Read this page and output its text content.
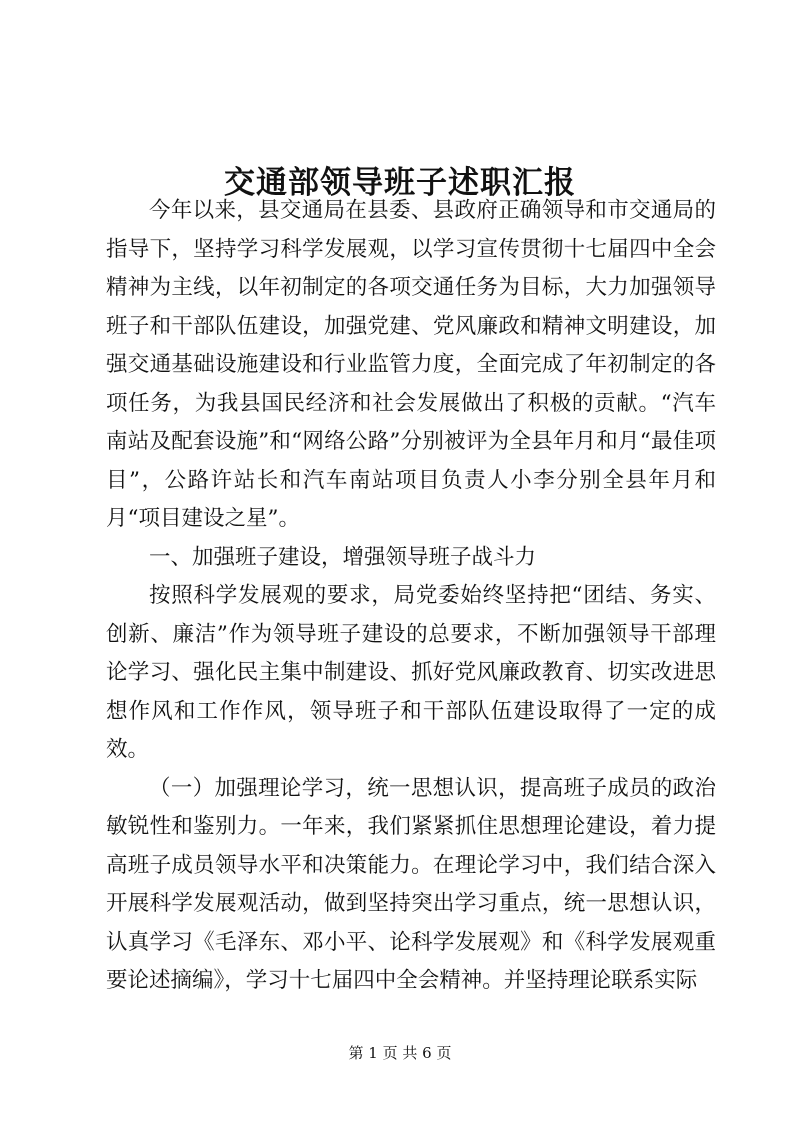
交通部领导班子述职汇报

今年以来，县交通局在县委、县政府正确领导和市交通局的指导下，坚持学习科学发展观，以学习宣传贯彻十七届四中全会精神为主线，以年初制定的各项交通任务为目标，大力加强领导班子和干部队伍建设，加强党建、党风廉政和精神文明建设，加强交通基础设施建设和行业监管力度，全面完成了年初制定的各项任务，为我县国民经济和社会发展做出了积极的贡献。“汽车南站及配套设施”和“网络公路”分别被评为全县年月和月“最佳项目”，公路许站长和汽车南站项目负责人小李分别全县年月和月“项目建设之星”。

一、加强班子建设，增强领导班子战斗力

按照科学发展观的要求，局党委始终坚持把“团结、务实、创新、廉洁”作为领导班子建设的总要求，不断加强领导干部理论学习、强化民主集中制建设、抓好党风廉政教育、切实改进思想作风和工作作风，领导班子和干部队伍建设取得了一定的成效。

（一）加强理论学习，统一思想认识，提高班子成员的政治敏锐性和鉴别力。一年来，我们紧紧抓住思想理论建设，着力提高班子成员领导水平和决策能力。在理论学习中，我们结合深入开展科学发展观活动，做到坚持突出学习重点，统一思想认识，认真学习《毛泽东、邓小平、论科学发展观》和《科学发展观重要论述摘编》，学习十七届四中全会精神。并坚持理论联系实际

第 1 页 共 6 页
